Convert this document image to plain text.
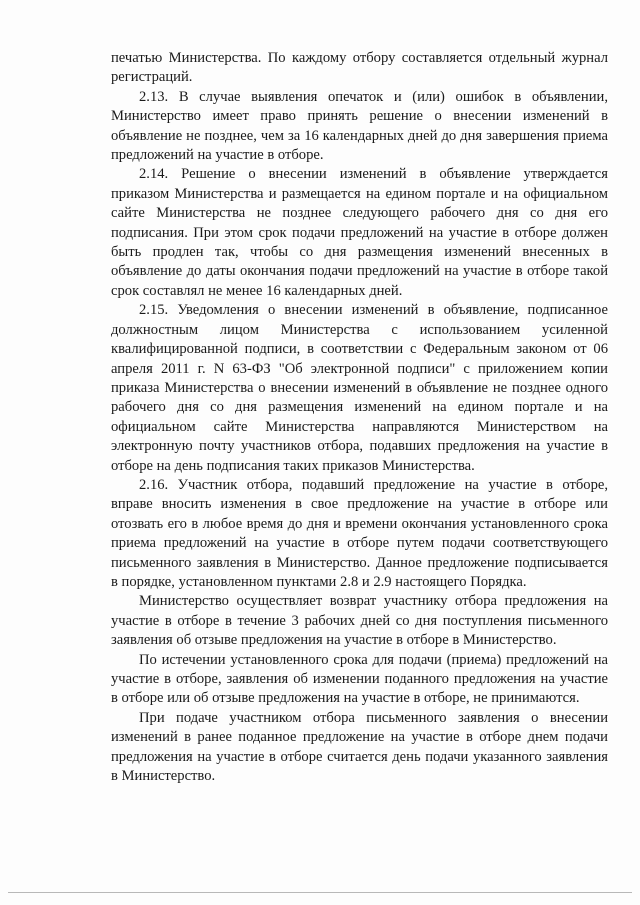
печатью Министерства. По каждому отбору составляется отдельный журнал
регистраций.
2.13. В случае выявления опечаток и (или) ошибок в объявлении,
Министерство имеет право принять решение о внесении изменений в
объявление не позднее, чем за 16 календарных дней до дня завершения приема
предложений на участие в отборе.
2.14. Решение о внесении изменений в объявление утверждается
приказом Министерства и размещается на едином портале и на официальном
сайте Министерства не позднее следующего рабочего дня со дня его
подписания. При этом срок подачи предложений на участие в отборе должен
быть продлен так, чтобы со дня размещения изменений внесенных в
объявление до даты окончания подачи предложений на участие в отборе такой
срок составлял не менее 16 календарных дней.
2.15. Уведомления о внесении изменений в объявление, подписанное
должностным лицом Министерства с использованием усиленной
квалифицированной подписи, в соответствии с Федеральным законом от 06
апреля 2011 г. N 63-ФЗ "Об электронной подписи" с приложением копии
приказа Министерства о внесении изменений в объявление не позднее одного
рабочего дня со дня размещения изменений на едином портале и на
официальном сайте Министерства направляются Министерством на
электронную почту участников отбора, подавших предложения на участие в
отборе на день подписания таких приказов Министерства.
2.16. Участник отбора, подавший предложение на участие в отборе,
вправе вносить изменения в свое предложение на участие в отборе или
отозвать его в любое время до дня и времени окончания установленного срока
приема предложений на участие в отборе путем подачи соответствующего
письменного заявления в Министерство. Данное предложение подписывается
в порядке, установленном пунктами 2.8 и 2.9 настоящего Порядка.
Министерство осуществляет возврат участнику отбора предложения на
участие в отборе в течение 3 рабочих дней со дня поступления письменного
заявления об отзыве предложения на участие в отборе в Министерство.
По истечении установленного срока для подачи (приема) предложений на
участие в отборе, заявления об изменении поданного предложения на участие
в отборе или об отзыве предложения на участие в отборе, не принимаются.
При подаче участником отбора письменного заявления о внесении
изменений в ранее поданное предложение на участие в отборе днем подачи
предложения на участие в отборе считается день подачи указанного заявления
в Министерство.
